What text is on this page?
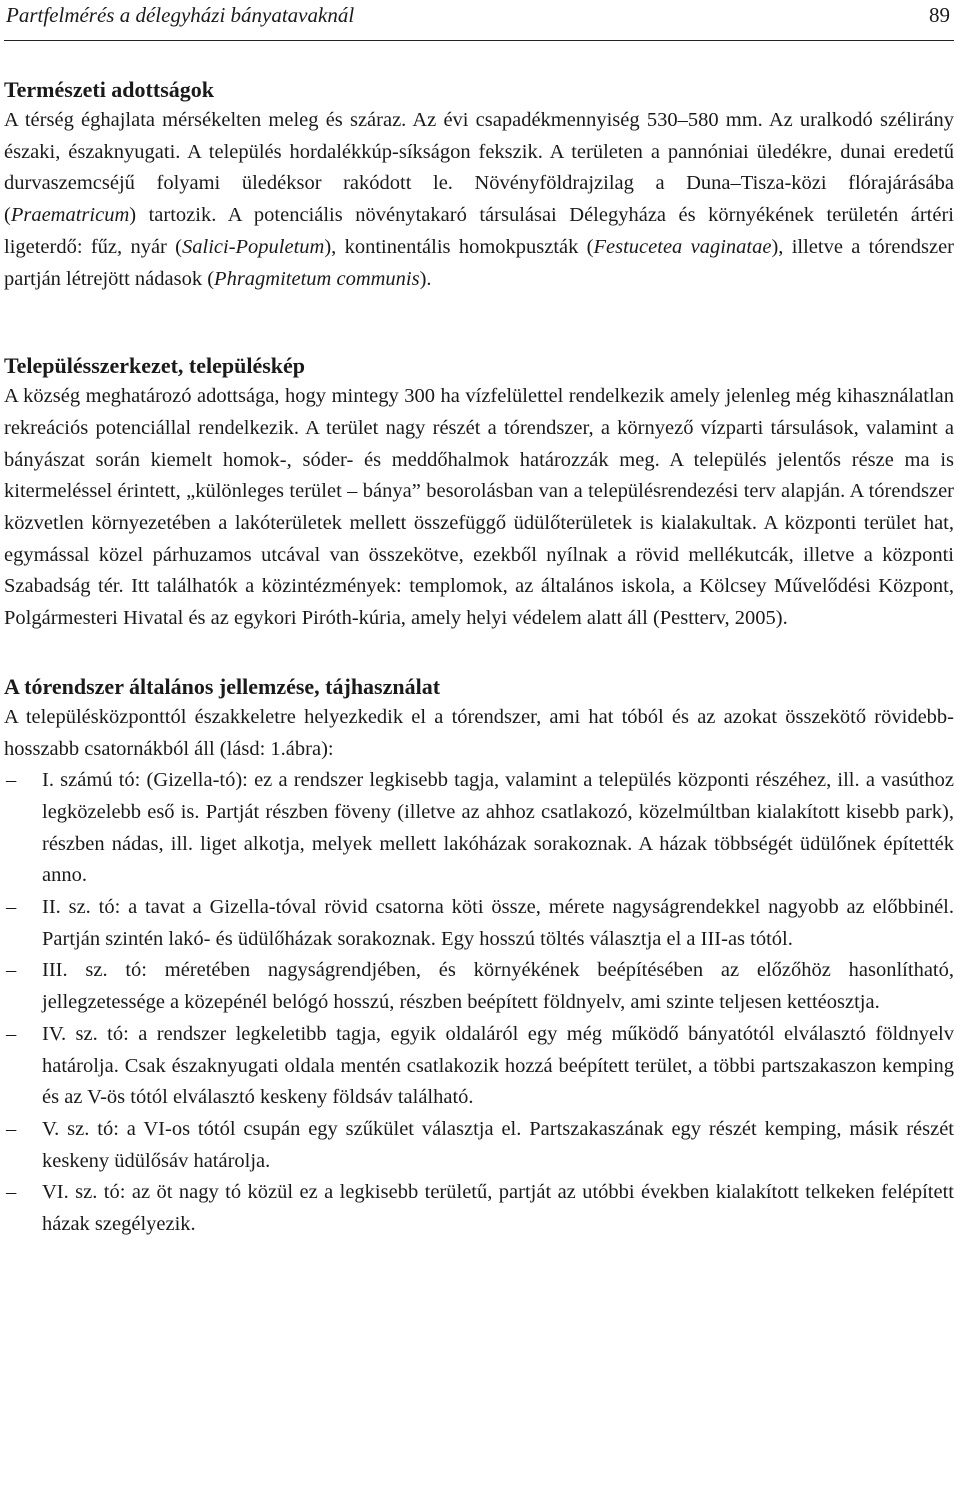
Partfelmérés a délegyházi bányatavaknál	89
Természeti adottságok

A térség éghajlata mérsékelten meleg és száraz. Az évi csapadékmennyiség 530–580 mm. Az uralkodó szélirány északi, északnyugati. A település hordalékkúp-síkságon fekszik. A területen a pannóniai üledékre, dunai eredetű durvaszemcséjű folyami üledéksor rakódott le. Növényföldrajzilag a Duna–Tisza-közi flórajárásába (Praematricum) tartozik. A potenciális növénytakaró társulásai Délegyháza és környékének területén ártéri ligeterdő: fűz, nyár (Salici-Populetum), kontinentális homokpuszták (Festucetea vaginatae), illetve a tórendszer partján létrejött nádasok (Phragmitetum communis).

Településszerkezet, településkép

A község meghatározó adottsága, hogy mintegy 300 ha vízfelülettel rendelkezik amely jelenleg még kihasználatlan rekreációs potenciállal rendelkezik. A terület nagy részét a tórendszer, a környező vízparti társulások, valamint a bányászat során kiemelt homok-, sóder- és meddőhalmok határozzák meg. A település jelentős része ma is kitermeléssel érintett, „különleges terület – bánya” besorolásban van a településrendezési terv alapján. A tórendszer közvetlen környezetében a lakóterületek mellett összefüggő üdülőterületek is kialakultak. A központi terület hat, egymással közel párhuzamos utcával van összekötve, ezekből nyílnak a rövid mellékutcák, illetve a központi Szabadság tér. Itt találhatók a közintézmények: templomok, az általános iskola, a Kölcsey Művelődési Központ, Polgármesteri Hivatal és az egykori Piróth-kúria, amely helyi védelem alatt áll (Pestterv, 2005).

A tórendszer általános jellemzése, tájhasználat

A településközponttól északkeletre helyezkedik el a tórendszer, ami hat tóból és az azokat összekötő rövidebb-hosszabb csatornákból áll (lásd: 1.ábra):

– I. számú tó: (Gizella-tó): ez a rendszer legkisebb tagja, valamint a település központi részéhez, ill. a vasúthoz legközelebb eső is. Partját részben föveny (illetve az ahhoz csatlakozó, közelmúltban kialakított kisebb park), részben nádas, ill. liget alkotja, melyek mellett lakóházak sorakoznak. A házak többségét üdülőnek építették anno.
– II. sz. tó: a tavat a Gizella-tóval rövid csatorna köti össze, mérete nagyságrendekkel nagyobb az előbbinél. Partján szintén lakó- és üdülőházak sorakoznak. Egy hosszú töltés választja el a III-as tótól.
– III. sz. tó: méretében nagyságrendjében, és környékének beépítésében az előzőhöz hasonlítható, jellegzetessége a közepénél belógó hosszú, részben beépített földnyelv, ami szinte teljesen kettéosztja.
– IV. sz. tó: a rendszer legkeletibb tagja, egyik oldaláról egy még működő bányatótól elválasztó földnyelv határolja. Csak északnyugati oldala mentén csatlakozik hozzá beépített terület, a többi partszakaszon kemping és az V-ös tótól elválasztó keskeny földsáv található.
– V. sz. tó: a VI-os tótól csupán egy szűkület választja el. Partszakaszának egy részét kemping, másik részét keskeny üdülősáv határolja.
– VI. sz. tó: az öt nagy tó közül ez a legkisebb területű, partját az utóbbi években kialakított telkeken felépített házak szegélyezik.
